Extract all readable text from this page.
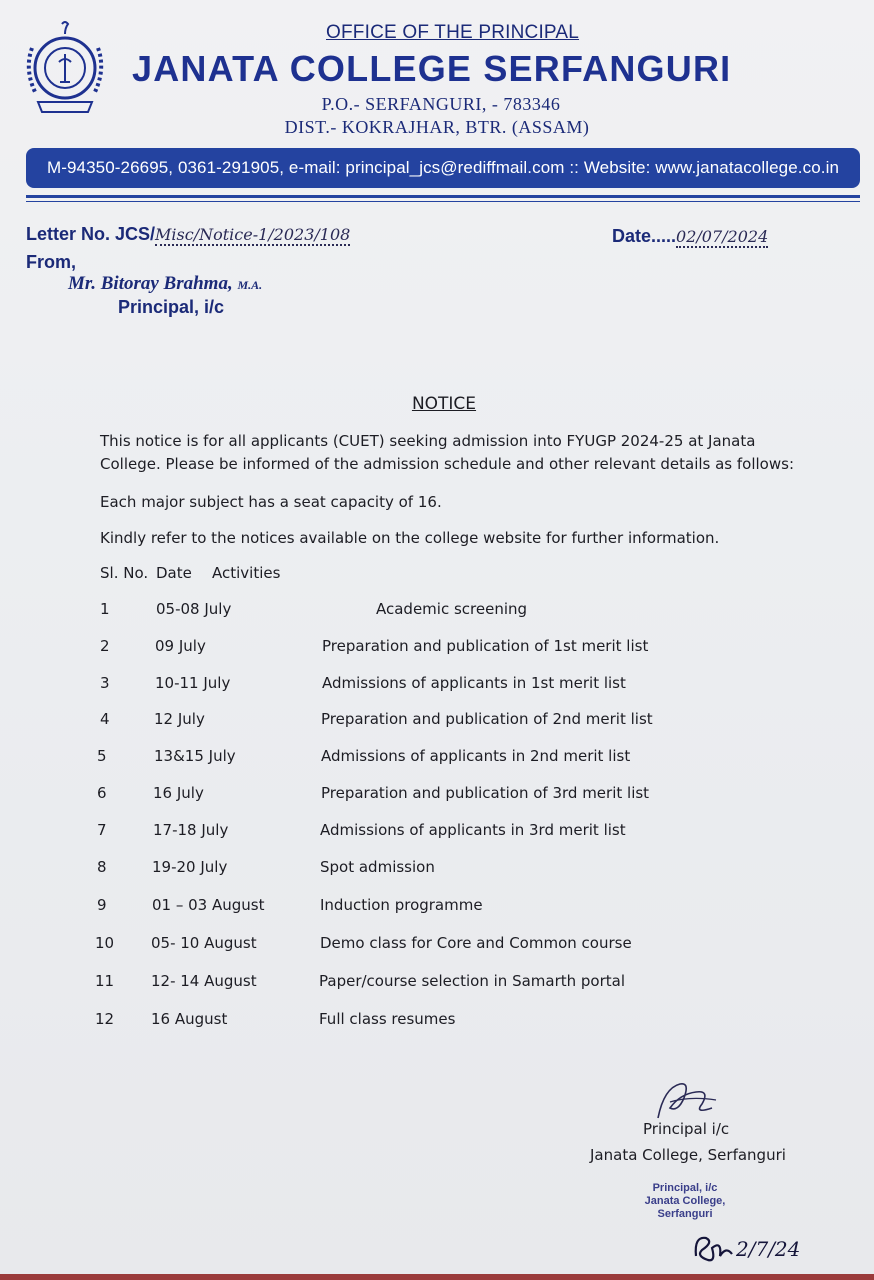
OFFICE OF THE PRINCIPAL
JANATA COLLEGE SERFANGURI
P.O.- SERFANGURI, - 783346
DIST.- KOKRAJHAR, BTR. (ASSAM)
M-94350-26695, 0361-291905, e-mail: principal_jcs@rediffmail.com :: Website: www.janatacollege.co.in
Letter No. JCS/Misc/Notice-1/2023/108	Date.....02/07/2024
From,
Mr. Bitoray Brahma, M.A.
Principal, i/c
NOTICE
This notice is for all applicants (CUET) seeking admission into FYUGP 2024-25 at Janata
College. Please be informed of the admission schedule and other relevant details as follows:
Each major subject has a seat capacity of 16.
Kindly refer to the notices available on the college website for further information.
Sl. No. Date Activities
1	05-08 July	Academic screening
2	09 July	Preparation and publication of 1st merit list
3	10-11 July	Admissions of applicants in 1st merit list
4	12 July	Preparation and publication of 2nd merit list
5	13&15 July	Admissions of applicants in 2nd merit list
6	16 July	Preparation and publication of 3rd merit list
7	17-18 July	Admissions of applicants in 3rd merit list
8	19-20 July	Spot admission
9	01 – 03 August	Induction programme
10 05- 10 August	Demo class for Core and Common course
11 12- 14 August	Paper/course selection in Samarth portal
12 16 August	Full class resumes
Principal i/c
Janata College, Serfanguri
Principal, i/c
Janata College,
Serfanguri
2/7/24
